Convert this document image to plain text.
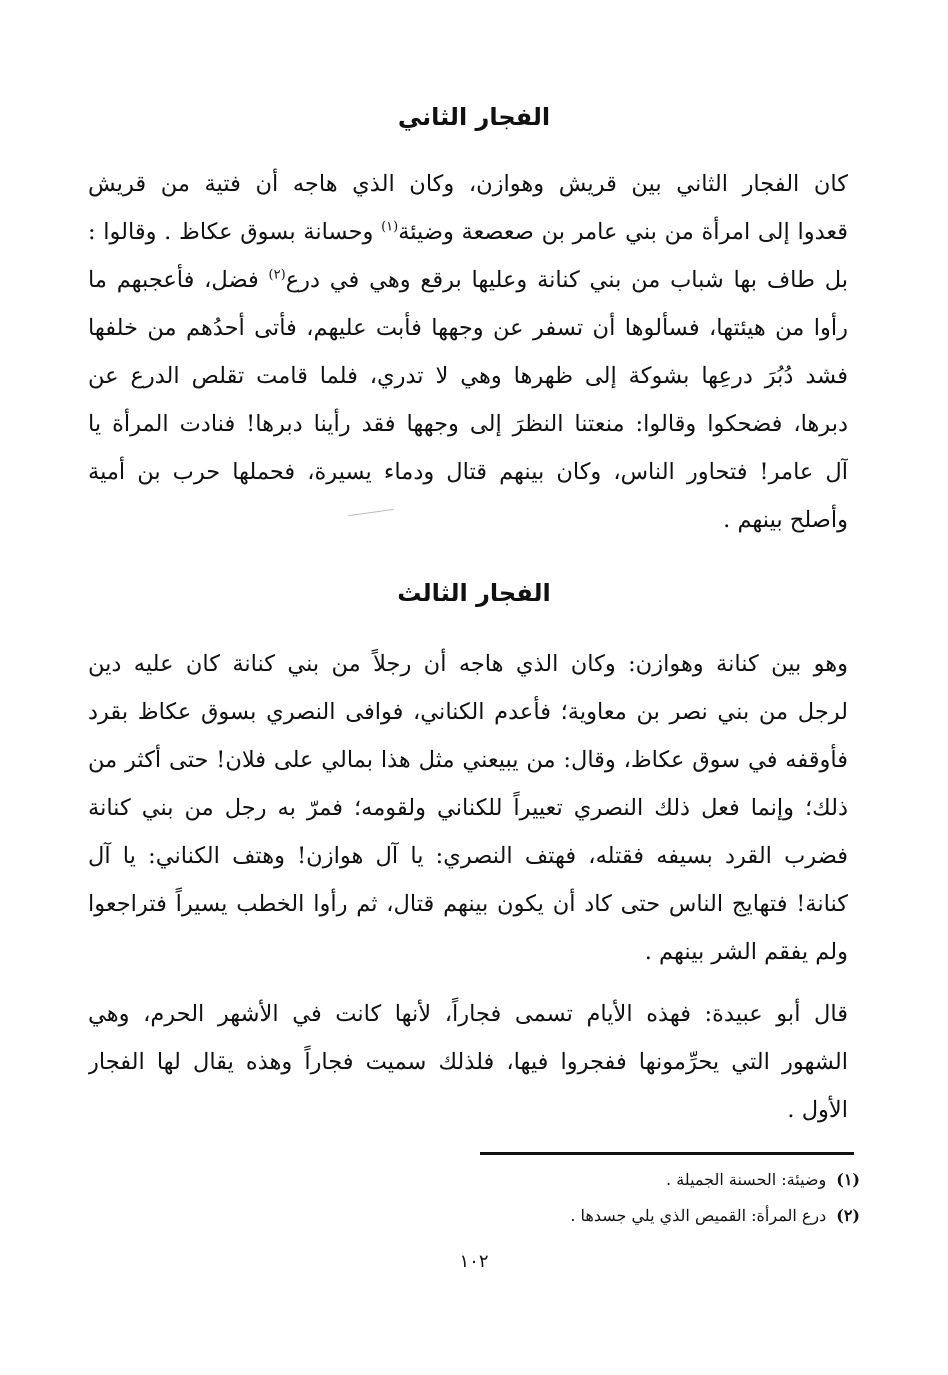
الفجار الثاني
كان الفجار الثاني بين قريش وهوازن، وكان الذي هاجه أن فتية من قريش
قعدوا إلى امرأة من بني عامر بن صعصعة وضيئة$^{(١)}$ وحسانة بسوق عكاظ . وقالوا :
بل طاف بها شباب من بني كنانة وعليها برقع وهي في درع$^{(٢)}$ فضل، فأعجبهم ما
رأوا من هيئتها، فسألوها أن تسفر عن وجهها فأبت عليهم، فأتى أحدُهم من خلفها
فشد دُبُرَ درعِها بشوكة إلى ظهرها وهي لا تدري، فلما قامت تقلص الدرع عن
دبرها، فضحكوا وقالوا: منعتنا النظرَ إلى وجهها فقد رأينا دبرها! فنادت المرأة يا
آل عامر! فتحاور الناس، وكان بينهم قتال ودماء يسيرة، فحملها حرب بن أمية
وأصلح بينهم .
الفجار الثالث
وهو بين كنانة وهوازن: وكان الذي هاجه أن رجلاً من بني كنانة كان عليه دين
لرجل من بني نصر بن معاوية؛ فأعدم الكناني، فوافى النصري بسوق عكاظ بقرد
فأوقفه في سوق عكاظ، وقال: من يبيعني مثل هذا بمالي على فلان! حتى أكثر من
ذلك؛ وإنما فعل ذلك النصري تعييراً للكناني ولقومه؛ فمرّ به رجل من بني كنانة
فضرب القرد بسيفه فقتله، فهتف النصري: يا آل هوازن! وهتف الكناني: يا آل
كنانة! فتهايج الناس حتى كاد أن يكون بينهم قتال، ثم رأوا الخطب يسيراً فتراجعوا
ولم يفقم الشر بينهم .
قال أبو عبيدة: فهذه الأيام تسمى فجاراً، لأنها كانت في الأشهر الحرم، وهي
الشهور التي يحرِّمونها ففجروا فيها، فلذلك سميت فجاراً وهذه يقال لها الفجار
الأول .
(١)وضيئة: الحسنة الجميلة .
(٢)درع المرأة: القميص الذي يلي جسدها .
١٠٢
